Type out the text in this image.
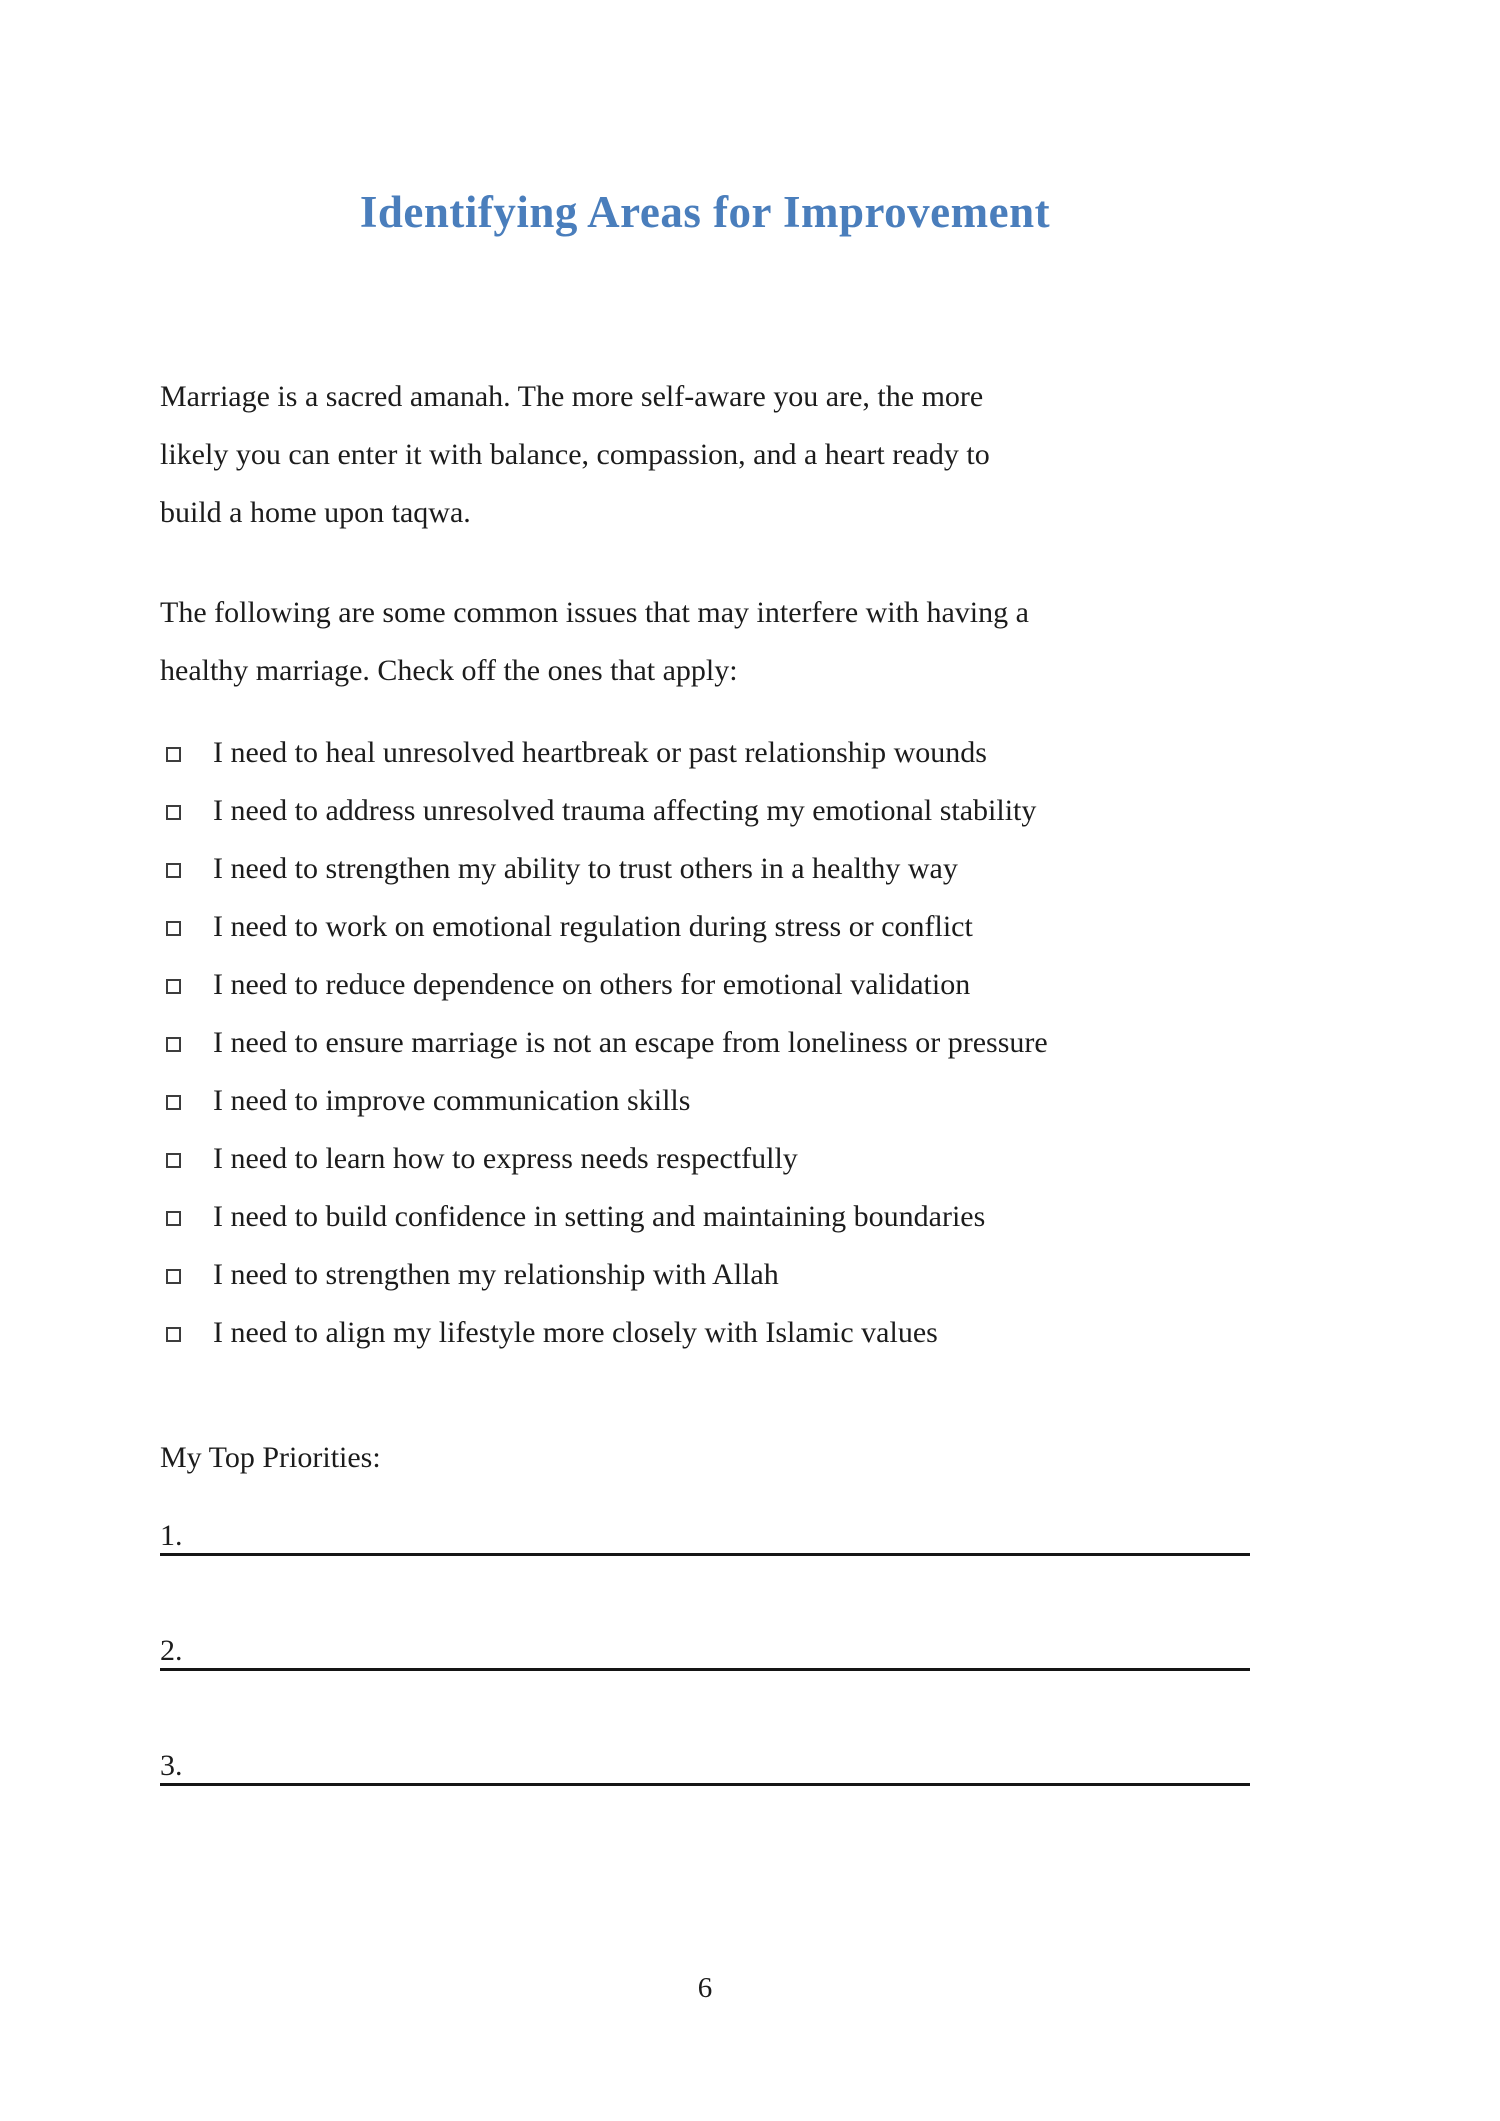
Identifying Areas for Improvement
Marriage is a sacred amanah. The more self-aware you are, the more
likely you can enter it with balance, compassion, and a heart ready to
build a home upon taqwa.
The following are some common issues that may interfere with having a
healthy marriage. Check off the ones that apply:
I need to heal unresolved heartbreak or past relationship wounds
I need to address unresolved trauma affecting my emotional stability
I need to strengthen my ability to trust others in a healthy way
I need to work on emotional regulation during stress or conflict
I need to reduce dependence on others for emotional validation
I need to ensure marriage is not an escape from loneliness or pressure
I need to improve communication skills
I need to learn how to express needs respectfully
I need to build confidence in setting and maintaining boundaries
I need to strengthen my relationship with Allah
I need to align my lifestyle more closely with Islamic values
My Top Priorities:
1.
2.
3.
6
